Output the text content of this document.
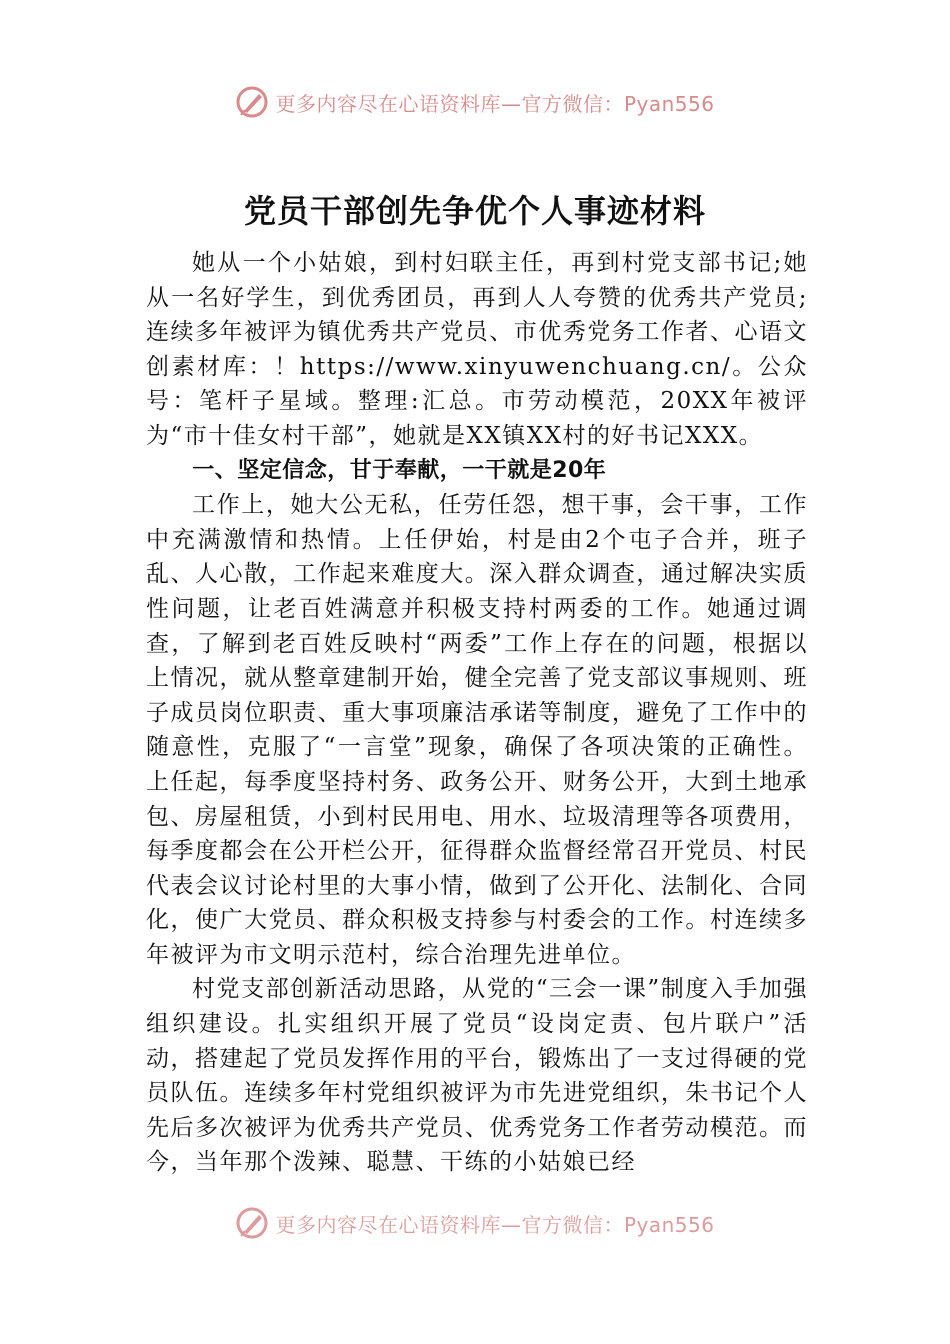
更多内容尽在心语资料库—官方微信：Pyan556
党员干部创先争优个人事迹材料

她从一个小姑娘，到村妇联主任，再到村党支部书记;她从一名好学生，到优秀团员，再到人人夸赞的优秀共产党员;连续多年被评为镇优秀共产党员、市优秀党务工作者、心语文创素材库：！https://www.xinyuwenchuang.cn/。公众号：笔杆子星域。整理:汇总。市劳动模范，20XX年被评为“市十佳女村干部”，她就是XX镇XX村的好书记XXX。

一、坚定信念，甘于奉献，一干就是20年

工作上，她大公无私，任劳任怨，想干事，会干事，工作中充满激情和热情。上任伊始，村是由2个屯子合并，班子乱、人心散，工作起来难度大。深入群众调查，通过解决实质性问题，让老百姓满意并积极支持村两委的工作。她通过调查，了解到老百姓反映村“两委”工作上存在的问题，根据以上情况，就从整章建制开始，健全完善了党支部议事规则、班子成员岗位职责、重大事项廉洁承诺等制度，避免了工作中的随意性，克服了“一言堂”现象，确保了各项决策的正确性。上任起，每季度坚持村务、政务公开、财务公开，大到土地承包、房屋租赁，小到村民用电、用水、垃圾清理等各项费用，每季度都会在公开栏公开，征得群众监督经常召开党员、村民代表会议讨论村里的大事小情，做到了公开化、法制化、合同化，使广大党员、群众积极支持参与村委会的工作。村连续多年被评为市文明示范村，综合治理先进单位。

村党支部创新活动思路，从党的“三会一课”制度入手加强组织建设。扎实组织开展了党员“设岗定责、包片联户”活动，搭建起了党员发挥作用的平台，锻炼出了一支过得硬的党员队伍。连续多年村党组织被评为市先进党组织，朱书记个人先后多次被评为优秀共产党员、优秀党务工作者劳动模范。而今，当年那个泼辣、聪慧、干练的小姑娘已经

更多内容尽在心语资料库—官方微信：Pyan556
